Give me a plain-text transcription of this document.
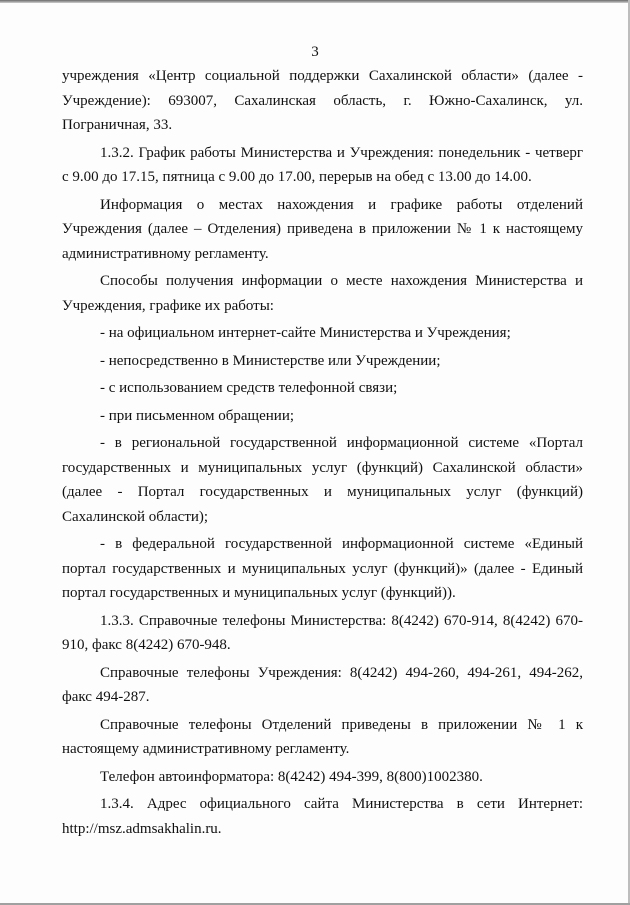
3

учреждения «Центр социальной поддержки Сахалинской области» (далее - Учреждение): 693007, Сахалинская область, г. Южно-Сахалинск, ул. Пограничная, 33.

1.3.2. График работы Министерства и Учреждения: понедельник - четверг с 9.00 до 17.15, пятница с 9.00 до 17.00, перерыв на обед с 13.00 до 14.00.

Информация о местах нахождения и графике работы отделений Учреждения (далее – Отделения) приведена в приложении № 1 к настоящему административному регламенту.

Способы получения информации о месте нахождения Министерства и Учреждения, графике их работы:

- на официальном интернет-сайте Министерства и Учреждения;

- непосредственно в Министерстве или Учреждении;

- с использованием средств телефонной связи;

- при письменном обращении;

- в региональной государственной информационной системе «Портал государственных и муниципальных услуг (функций) Сахалинской области» (далее - Портал государственных и муниципальных услуг (функций) Сахалинской области);

- в федеральной государственной информационной системе «Единый портал государственных и муниципальных услуг (функций)» (далее - Единый портал государственных и муниципальных услуг (функций)).

1.3.3. Справочные телефоны Министерства: 8(4242) 670-914, 8(4242) 670-910, факс 8(4242) 670-948.

Справочные телефоны Учреждения: 8(4242) 494-260, 494-261, 494-262, факс 494-287.

Справочные телефоны Отделений приведены в приложении № 1 к настоящему административному регламенту.

Телефон автоинформатора: 8(4242) 494-399, 8(800)1002380.

1.3.4. Адрес официального сайта Министерства в сети Интернет: http://msz.admsakhalin.ru.
